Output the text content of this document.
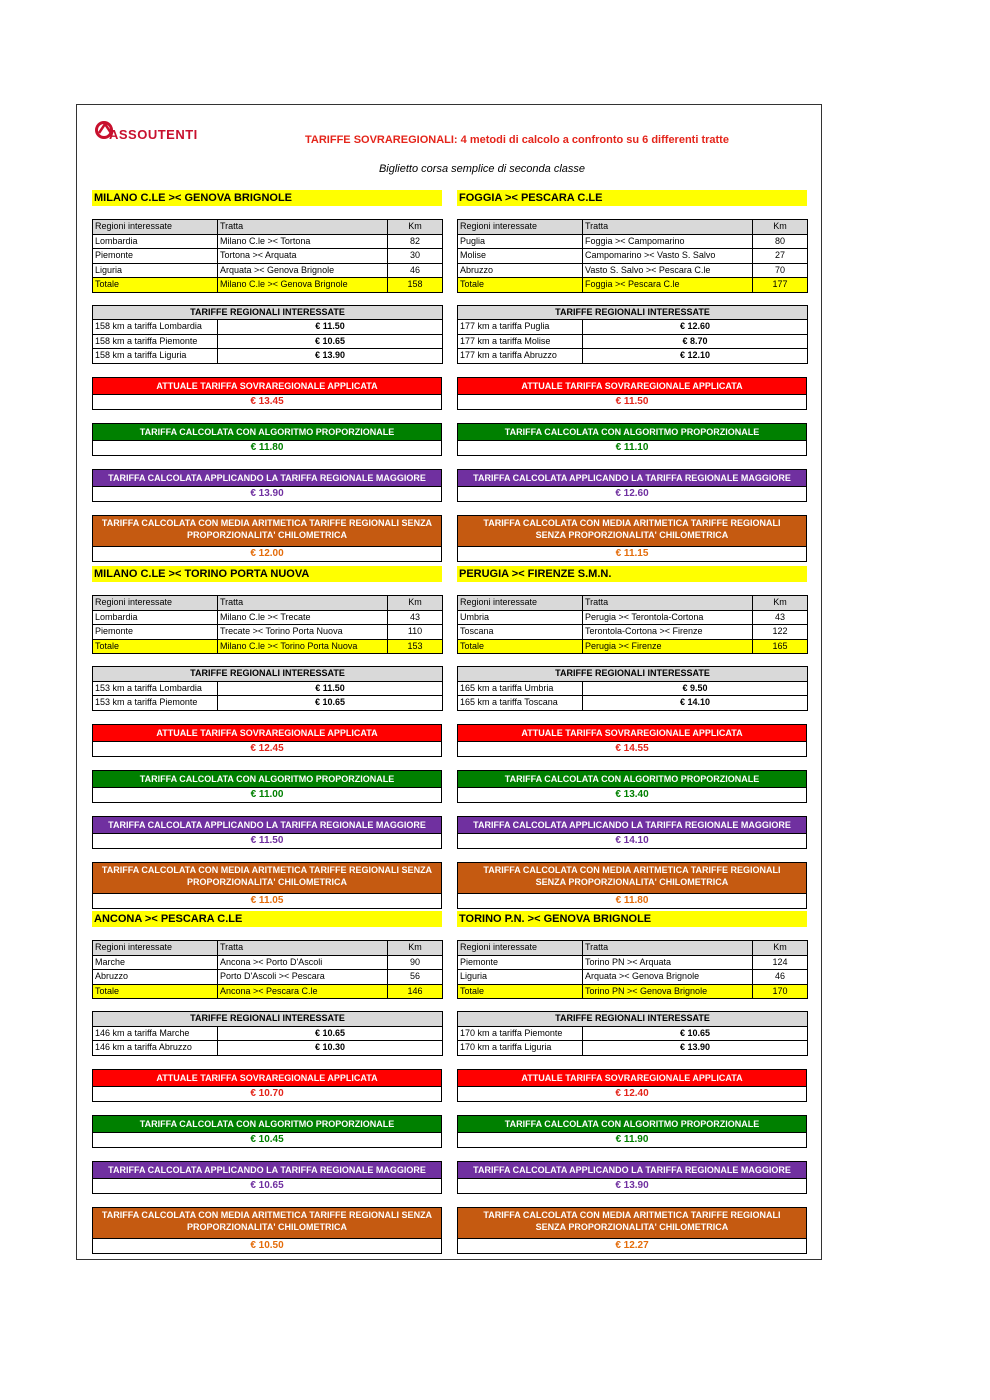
ASSOUTENTI	TARIFFE SOVRAREGIONALI: 4 metodi di calcolo a confronto su 6 differenti tratte
Biglietto corsa semplice di seconda classe
MILANO C.LE >< GENOVA BRIGNOLE
Regioni interessate	Tratta	Km
Lombardia	Milano C.le >< Tortona	82
Piemonte	Tortona >< Arquata	30
Liguria	Arquata >< Genova Brignole	46
Totale	Milano C.le >< Genova Brignole	158
TARIFFE REGIONALI INTERESSATE	
158 km a tariffa Lombardia	€ 11.50
158 km a tariffa Piemonte	€ 10.65
158 km a tariffa Liguria	€ 13.90
ATTUALE TARIFFA SOVRAREGIONALE APPLICATA
€ 13.45
TARIFFA CALCOLATA CON ALGORITMO PROPORZIONALE
€ 11.80
TARIFFA CALCOLATA APPLICANDO LA TARIFFA REGIONALE MAGGIORE
€ 13.90
TARIFFA CALCOLATA CON MEDIA ARITMETICA TARIFFE REGIONALI SENZA PROPORZIONALITA' CHILOMETRICA
€ 12.00
FOGGIA >< PESCARA C.LE
Regioni interessate	Tratta	Km
Puglia	Foggia >< Campomarino	80
Molise	Campomarino >< Vasto S. Salvo	27
Abruzzo	Vasto S. Salvo >< Pescara C.le	70
Totale	Foggia >< Pescara C.le	177
TARIFFE REGIONALI INTERESSATE	
177 km a tariffa Puglia	€ 12.60
177 km a tariffa Molise	€ 8.70
177 km a tariffa Abruzzo	€ 12.10
ATTUALE TARIFFA SOVRAREGIONALE APPLICATA
€ 11.50
TARIFFA CALCOLATA CON ALGORITMO PROPORZIONALE
€ 11.10
TARIFFA CALCOLATA APPLICANDO LA TARIFFA REGIONALE MAGGIORE
€ 12.60
TARIFFA CALCOLATA CON MEDIA ARITMETICA TARIFFE REGIONALI SENZA PROPORZIONALITA' CHILOMETRICA
€ 11.15
MILANO C.LE >< TORINO PORTA NUOVA
Regioni interessate	Tratta	Km
Lombardia	Milano C.le >< Trecate	43
Piemonte	Trecate >< Torino Porta Nuova	110
Totale	Milano C.le >< Torino Porta Nuova	153
TARIFFE REGIONALI INTERESSATE	
153 km a tariffa Lombardia	€ 11.50
153 km a tariffa Piemonte	€ 10.65
ATTUALE TARIFFA SOVRAREGIONALE APPLICATA
€ 12.45
TARIFFA CALCOLATA CON ALGORITMO PROPORZIONALE
€ 11.00
TARIFFA CALCOLATA APPLICANDO LA TARIFFA REGIONALE MAGGIORE
€ 11.50
TARIFFA CALCOLATA CON MEDIA ARITMETICA TARIFFE REGIONALI SENZA PROPORZIONALITA' CHILOMETRICA
€ 11.05
PERUGIA >< FIRENZE S.M.N.
Regioni interessate	Tratta	Km
Umbria	Perugia >< Terontola-Cortona	43
Toscana	Terontola-Cortona >< Firenze	122
Totale	Perugia >< Firenze	165
TARIFFE REGIONALI INTERESSATE	
165 km a tariffa Umbria	€ 9.50
165 km a tariffa Toscana	€ 14.10
ATTUALE TARIFFA SOVRAREGIONALE APPLICATA
€ 14.55
TARIFFA CALCOLATA CON ALGORITMO PROPORZIONALE
€ 13.40
TARIFFA CALCOLATA APPLICANDO LA TARIFFA REGIONALE MAGGIORE
€ 14.10
TARIFFA CALCOLATA CON MEDIA ARITMETICA TARIFFE REGIONALI SENZA PROPORZIONALITA' CHILOMETRICA
€ 11.80
ANCONA >< PESCARA C.LE
Regioni interessate	Tratta	Km
Marche	Ancona >< Porto D'Ascoli	90
Abruzzo	Porto D'Ascoli >< Pescara	56
Totale	Ancona >< Pescara C.le	146
TARIFFE REGIONALI INTERESSATE	
146 km a tariffa Marche	€ 10.65
146 km a tariffa Abruzzo	€ 10.30
ATTUALE TARIFFA SOVRAREGIONALE APPLICATA
€ 10.70
TARIFFA CALCOLATA CON ALGORITMO PROPORZIONALE
€ 10.45
TARIFFA CALCOLATA APPLICANDO LA TARIFFA REGIONALE MAGGIORE
€ 10.65
TARIFFA CALCOLATA CON MEDIA ARITMETICA TARIFFE REGIONALI SENZA PROPORZIONALITA' CHILOMETRICA
€ 10.50
TORINO P.N. >< GENOVA BRIGNOLE
Regioni interessate	Tratta	Km
Piemonte	Torino PN >< Arquata	124
Liguria	Arquata >< Genova Brignole	46
Totale	Torino PN >< Genova Brignole	170
TARIFFE REGIONALI INTERESSATE	
170 km a tariffa Piemonte	€ 10.65
170 km a tariffa Liguria	€ 13.90
ATTUALE TARIFFA SOVRAREGIONALE APPLICATA
€ 12.40
TARIFFA CALCOLATA CON ALGORITMO PROPORZIONALE
€ 11.90
TARIFFA CALCOLATA APPLICANDO LA TARIFFA REGIONALE MAGGIORE
€ 13.90
TARIFFA CALCOLATA CON MEDIA ARITMETICA TARIFFE REGIONALI SENZA PROPORZIONALITA' CHILOMETRICA
€ 12.27
